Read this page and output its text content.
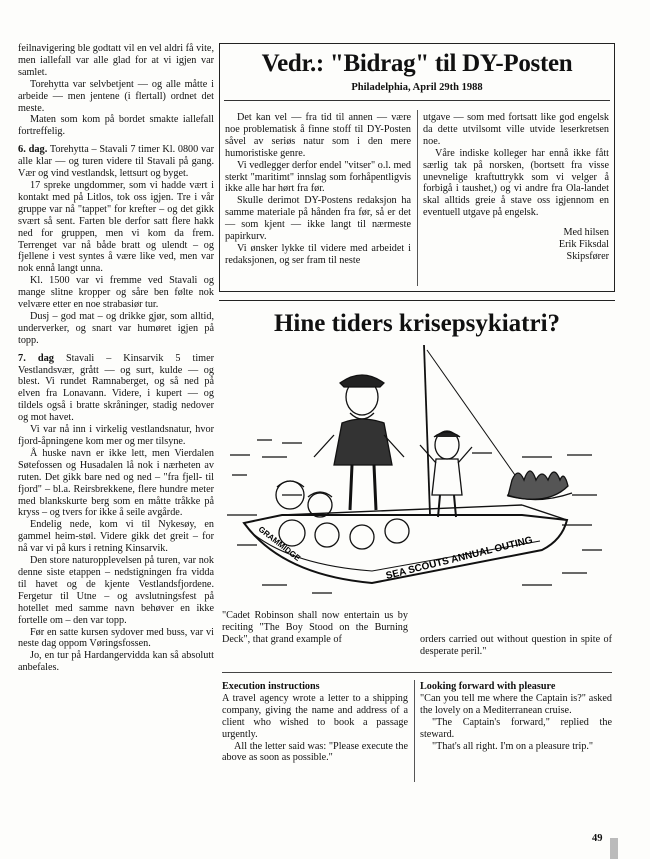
feilnavigering ble godtatt vil en vel aldri få vite, men iallefall var alle glad for at vi igjen var samlet.

Torehytta var selvbetjent — og alle måtte i arbeide — men jentene (i flertall) ordnet det meste.

Maten som kom på bordet smakte iallefall fortreffelig.

6. dag. Torehytta – Stavali 7 timer Kl. 0800 var alle klar — og turen videre til Stavali på gang. Vær og vind vestlandsk, lettsurt og byget.

17 spreke ungdommer, som vi hadde vært i kontakt med på Litlos, tok oss igjen. Tre i vår gruppe var nå "tappet" for krefter – og det gikk svært så sent. Farten ble derfor satt flere hakk ned for gruppen, men vi kom da frem. Terrenget var nå både bratt og ulendt – og fjellene i vest syntes å være like ved, men var nok ennå langt unna.

Kl. 1500 var vi fremme ved Stavali og mange slitne kropper og såre ben følte nok velvære etter en noe strabasiør tur.

Dusj – god mat – og drikke gjør, som alltid, underverker, og snart var humøret igjen på topp.

7. dag Stavali – Kinsarvik 5 timer Vestlandsvær, grått — og surt, kulde — og blest. Vi rundet Ramnaberget, og så ned på elven fra Lonavann. Videre, i kupert — og tildels også i bratte skråninger, stadig nedover og mot havet.

Vi var nå inn i virkelig vestlandsnatur, hvor fjord-åpningene kom mer og mer tilsyne.

Å huske navn er ikke lett, men Vierdalen Søtefossen og Husadalen lå nok i nærheten av ruten. Det gikk bare ned og ned – "fra fjell- til fjord" – bl.a. Reirsbrekkene, flere hundre meter med blankskurte berg som en måtte tråkke på kryss – og tvers for ikke å seile avgårde.

Endelig nede, kom vi til Nykesøy, en gammel heim-støl. Videre gikk det greit – for nå var vi på kurs i retning Kinsarvik.

Den store naturopplevelsen på turen, var nok denne siste etappen – nedstigningen fra vidda til havet og de kjente Vestlandsfjordene. Fergetur til Utne – og avslutningsfest på hotellet med samme navn behøver en ikke fortelle om – den var topp.

Før en satte kursen sydover med buss, var vi neste dag oppom Vøringsfossen.

Jo, en tur på Hardangervidda kan så absolutt anbefales.

Vedr.: "Bidrag" til DY-Posten
Philadelphia, April 29th 1988

Det kan vel — fra tid til annen — være noe problematisk å finne stoff til DY-Posten såvel av seriøs natur som i den mere humoristiske genre.

Vi vedlegger derfor endel "vitser" o.l. med sterkt "maritimt" innslag som forhåpentligvis ikke alle har hørt fra før.

Skulle derimot DY-Postens redaksjon ha samme materiale på hånden fra før, så er det — som kjent — ikke langt til nærmeste papirkurv.

Vi ønsker lykke til videre med arbeidet i redaksjonen, og ser fram til neste

utgave — som med fortsatt like god engelsk da dette utvilsomt ville utvide leserkretsen noe.

Våre indiske kolleger har ennå ikke fått særlig tak på norsken, (bortsett fra visse unevnelige kraftuttrykk som vi velger å forbigå i taushet,) og vi andre fra Ola-landet skal alltids greie å stave oss igjennom en eventuell utgave på engelsk.

Med hilsen

Erik Fiksdal

Skipsfører

Hine tiders krisepsykiatri?
SEA SCOUTS ANNUAL OUTING
GRAMMIDGE

"Cadet Robinson shall now entertain us by reciting "The Boy Stood on the Burning Deck", that grand example of	orders carried out without question in spite of desperate peril."

Execution instructions

A travel agency wrote a letter to a shipping company, giving the name and address of a client who wished to book a passage urgently.

All the letter said was: "Please execute the above as soon as possible."

Looking forward with pleasure

"Can you tell me where the Captain is?" asked the lovely on a Mediterranean cruise.

"The Captain's forward," replied the steward.

"That's all right. I'm on a pleasure trip."

49
